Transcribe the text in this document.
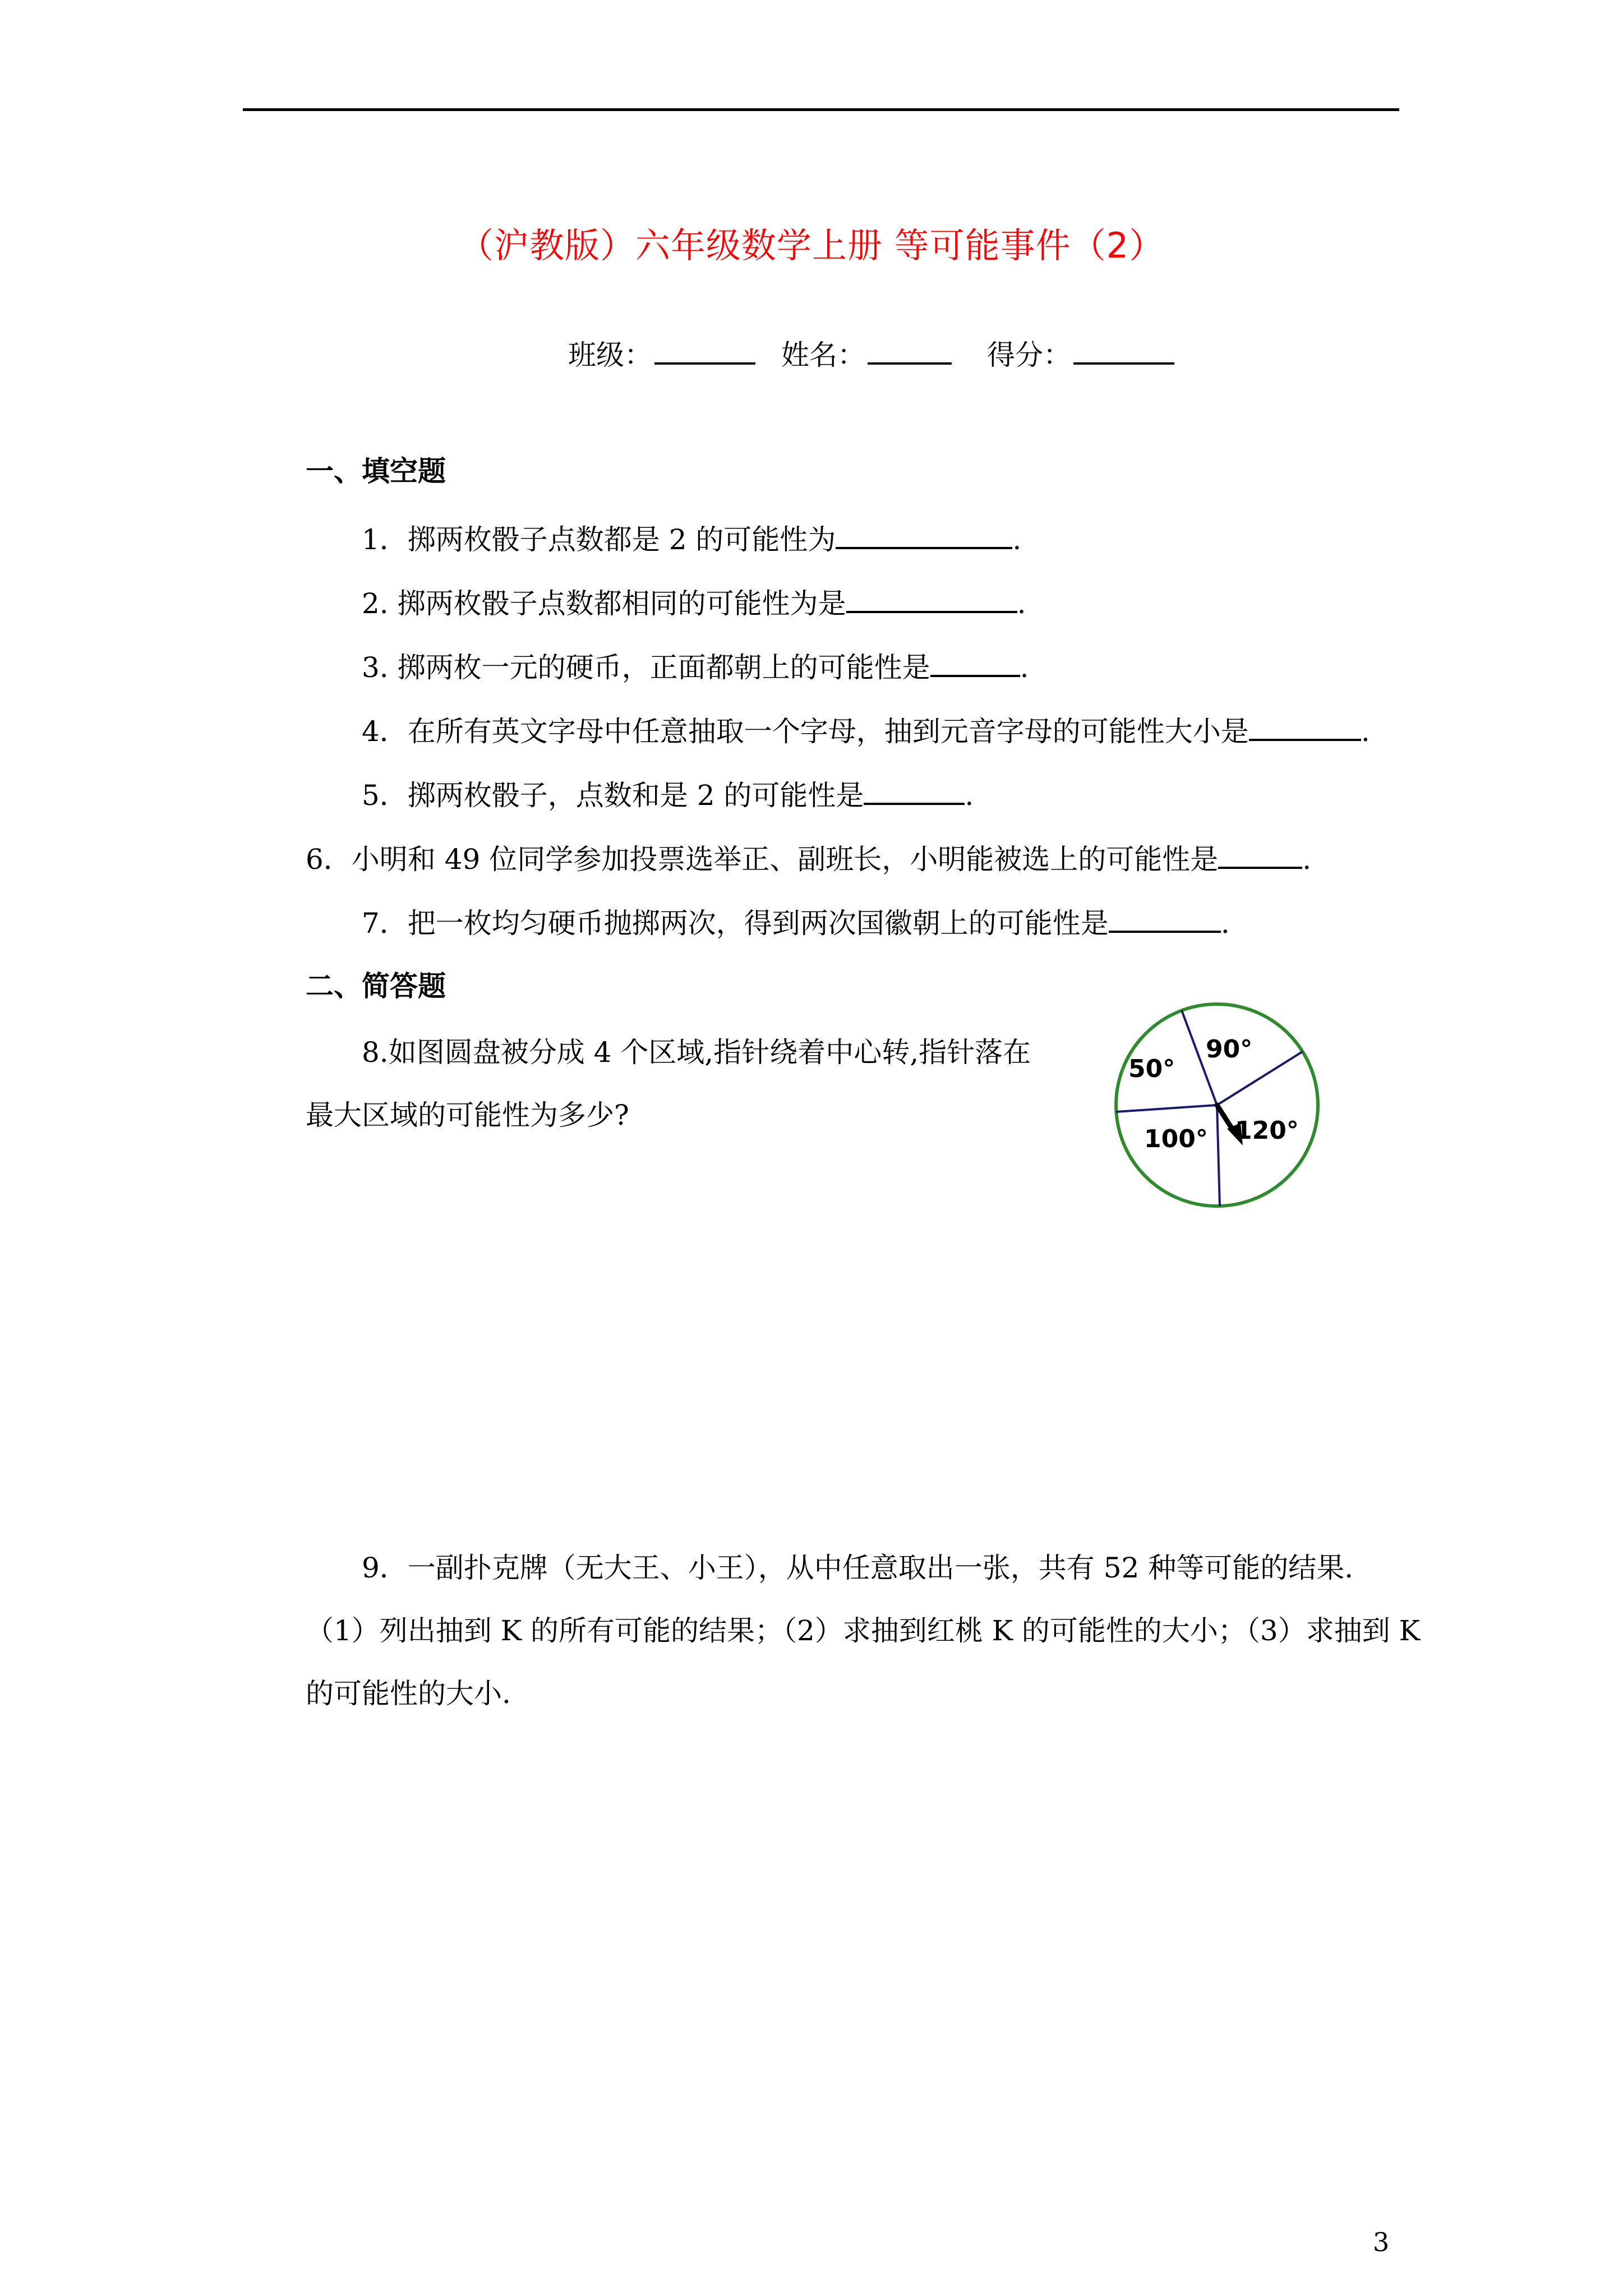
（沪教版）六年级数学上册 等可能事件（2）
班级：	姓名：	得分：
一、填空题
1．掷两枚骰子点数都是 2 的可能性为	.
2. 掷两枚骰子点数都相同的可能性为是	.
3. 掷两枚一元的硬币，正面都朝上的可能性是	.
4．在所有英文字母中任意抽取一个字母，抽到元音字母的可能性大小是	.
5．掷两枚骰子，点数和是 2 的可能性是	.
6．小明和 49 位同学参加投票选举正、副班长，小明能被选上的可能性是	.
7．把一枚均匀硬币抛掷两次，得到两次国徽朝上的可能性是	.
二、简答题
8.如图圆盘被分成 4 个区域,指针绕着中心转,指针落在
最大区域的可能性为多少?
50°
90°
100° 120°
9．一副扑克牌（无大王、小王），从中任意取出一张，共有 52 种等可能的结果.
（1）列出抽到 K 的所有可能的结果；（2）求抽到红桃 K 的可能性的大小；（3）求抽到 K
的可能性的大小.
3
